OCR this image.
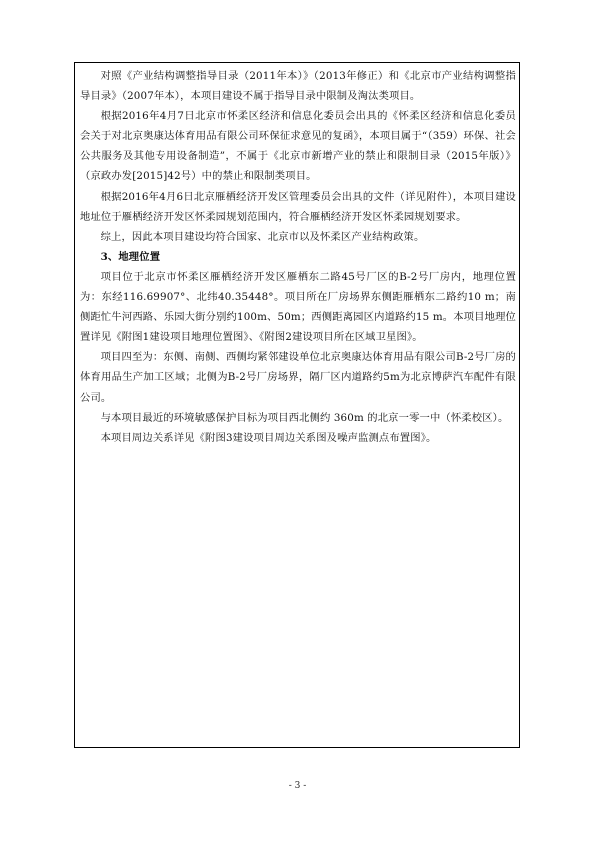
对照《产业结构调整指导目录（2011年本）》（2013年修正）和《北京市产业结构调整指导目录》（2007年本），本项目建设不属于指导目录中限制及淘汰类项目。

根据2016年4月7日北京市怀柔区经济和信息化委员会出具的《怀柔区经济和信息化委员会关于对北京奥康达体育用品有限公司环保征求意见的复函》，本项目属于“（359）环保、社会公共服务及其他专用设备制造”，不属于《北京市新增产业的禁止和限制目录（2015年版）》（京政办发[2015]42号）中的禁止和限制类项目。

根据2016年4月6日北京雁栖经济开发区管理委员会出具的文件（详见附件），本项目建设地址位于雁栖经济开发区怀柔园规划范围内，符合雁栖经济开发区怀柔园规划要求。

综上，因此本项目建设均符合国家、北京市以及怀柔区产业结构政策。

3、地理位置

项目位于北京市怀柔区雁栖经济开发区雁栖东二路45号厂区的B-2号厂房内，地理位置为：东经116.69907°、北纬40.35448°。项目所在厂房场界东侧距雁栖东二路约10 m；南侧距忙牛河西路、乐园大街分别约100m、50m；西侧距离园区内道路约15 m。本项目地理位置详见《附图1建设项目地理位置图》、《附图2建设项目所在区域卫星图》。

项目四至为：东侧、南侧、西侧均紧邻建设单位北京奥康达体育用品有限公司B-2号厂房的体育用品生产加工区域；北侧为B-2号厂房场界，隔厂区内道路约5m为北京博萨汽车配件有限公司。

与本项目最近的环境敏感保护目标为项目西北侧约 360m 的北京一零一中（怀柔校区）。

本项目周边关系详见《附图3建设项目周边关系图及噪声监测点布置图》。

- 3 -
